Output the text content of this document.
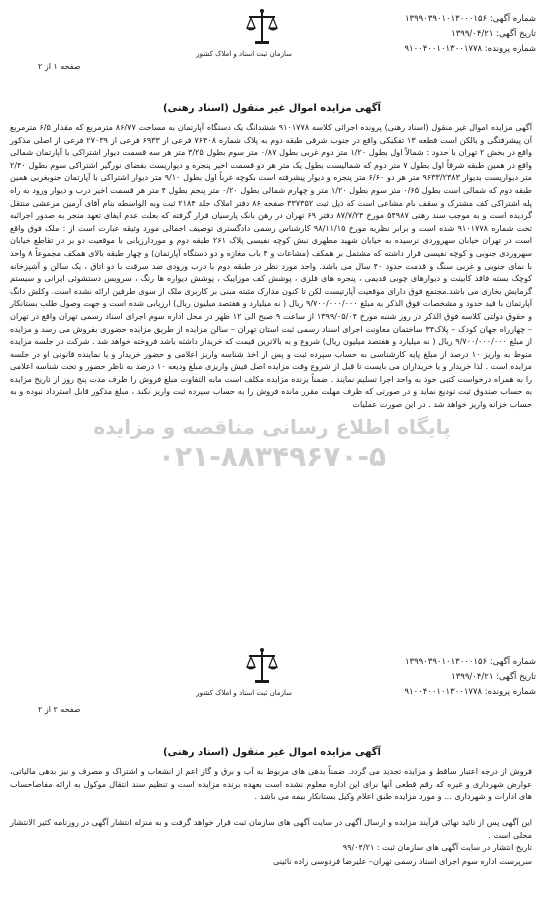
شماره آگهی: ۱۳۹۹۰۳۹۰۱۰۱۳۰۰۰۱۵۶
تاریخ آگهی: ۱۳۹۹/۰۴/۲۱
شماره پرونده: ۹۱۰۰۴۰۰۱۰۱۳۰۰۱۷۷۸
سازمان ثبت اسناد و املاک کشور
صفحه ۱ از ۲
آگهی مزایده اموال غیر منقول (اسناد رهنی)
آگهی مزایده اموال غیر منقول (اسناد رهنی) پرونده اجرائی کلاسه ۹۱۰۱۷۷۸ ششدانگ یک دستگاه آپارتمان به مساحت ۸۶/۷۷ مترمربع که مقدار ۶/۵ مترمربع آن پیشرفتگی و بالکن است قطعه ۱۳ تفکیکی واقع در جنوب شرقی طبقه دوم به پلاک شماره ۷۶۴۰۸ فرعی از ۶۹۳۳ فرعی از ۲۷۰۳۹ فرعی از اصلی مذکور واقع در بخش ۲ تهران با حدود : شمالاً اول بطول ۱/۲۰ متر دوم غربی بطول ۰/۸۷ متر سوم بطول ۳/۲۵ متر هر سه قسمت دیوار اشتراکی با آپارتمان شمالی واقع در همین طبقه شرقاً اول بطول ۷ متر دوم که شمالیست بطول یک متر هر دو قسمت اخیر پنجره و دیواریست بفضای نورگیر اشتراکی سوم بطول ۲/۴۰ متر دیواریست بدیوار ۹۶۳۳/۲۳۸۳ متر هر دو ۶/۶۰ متر پنجره و دیوار پیشرفته است بکوچه غرباً اول بطول ۹/۱۰ متر دیوار اشتراکی با آپارتمان جنوبغربی همین طبقه دوم که شمالی است بطول ۰/۶۵ متر سوم بطول ۱/۲۰ متر و چهارم شمالی بطول ۰/۲۰ متر پنجم بطول ۴ متر هر قسمت اخیر درب و دیوار ورود به راه پله اشتراکی کف مشترک و سقف بام مشاعی است که ذیل ثبت ۳۳۷۳۵۲ صفحه ۸۶ دفتر املاک جلد ۲۱۸۴ ثبت وبه الواسطه بنام آقای آرمین مرعشی منتقل گردیده است و به موجب سند رهنی ۵۴۹۸۷ مورخ ۸۷/۷/۲۴ دفتر ۶۹ تهران در رهن بانک پارسیان قرار گرفته که بعلت عدم ایفای تعهد منجر به صدور اجرائیه تحت شماره ۹۱۰۱۷۷۸ شده است و برابر نظریه مورخ ۹۸/۱۱/۱۵ کارشناس رسمی دادگستری توصیف اجمالی مورد وثیقه عبارت است از : ملک فوق واقع است در تهران خیابان سهروردی نرسیده به خیابان شهید مطهری نبش کوچه نفیسی پلاک ۲۶۱ طبقه دوم و موردارزیابی با موقعیت دو بر در تقاطع خیابان سهروردی جنوبی و کوچه نفیسی قرار داشته که مشتمل بر همکف (مشاعات و ۴ باب مغازه و دو دستگاه آپارتمان) و چهار طبقه بالای همکف مجموعاً ۸ واحد با نمای جنوبی و غربی سنگ و قدمت حدود ۴۰ سال می باشد. واحد مورد نظر در طبقه دوم با درب ورودی ضد سرقت با دو اتاق ، یک سالن و آشپزخانه کوچک بسته فاقد کابینت و دیوارهای چوبی قدیمی ، پنجره های فلزی ، پوشش کف موزاییک ، پوشش دیواره ها رنگ ، سرویس دستشوئی ایرانی و سیستم گرمایش بخاری می باشد.مجتمع فوق دارای موقعیت آپارتیست لکن تا کنون مدارک مثبته مبنی بر کاربری ملک از سوی طرفین ارائه نشده است. وکلش دانگ آپارتمان با قید حدود و مشخصات فوق الذکر به مبلغ ۹/۷۰۰/۰۰۰/۰۰۰ ریال ( نه میلیارد و هفتصد میلیون ریال) ارزیابی شده است و جهت وصول طلب بستانکار و حقوق دولتی کلاسه فوق الذکر در روز شنبه مورخ ۱۳۹۹/۰۵/۰۴ از ساعت ۹ صبح الی ۱۲ ظهر در محل اداره سوم اجرای اسناد رسمی تهران واقع در تهران – چهارراه جهان کودک – پلاک۳۴ ساختمان معاونت اجرای اسناد رسمی ثبت استان تهران – سالن مزایده از طریق مزایده حضوری بفروش می رسد و مزایده از مبلغ ۹/۷۰۰/۰۰۰/۰۰۰ ریال ( نه میلیارد و هفتصد میلیون ریال) شروع و به بالاترین قیمت که خریدار داشته باشد فروخته خواهد شد . شرکت در جلسه مزایده منوط به واریز ۱۰ درصد از مبلغ پایه کارشناسی به حساب سپرده ثبت و پس از اخذ شناسه واریز اعلامی و حضور خریدار و یا نماینده قانونی او در جلسه مزایده است . لذا خریدار و یا خریداران می بایست تا قبل از شروع وقت مزایده اصل فیش واریزی مبلغ ودیعه ۱۰ درصد به ناظر حضور و تحت شناسه اعلامی را به همراه درخواست کتبی خود به واحد اجرا تسلیم نمایند . ضمناً برنده مزایده مکلف است مابه التفاوت مبلغ فروش را ظرف مدت پنج روز از تاریخ مزایده به حساب صندوق ثبت تودیع نماید و در صورتی که ظرف مهلت مقرر مانده فروش را به حساب سپرده ثبت واریز نکند ، مبلغ مذکور قابل استرداد نبوده و به حساب خزانه واریز خواهد شد . در این صورت عملیات
پایگاه اطلاع رسانی مناقصه و مزایده
۰۲۱-۸۸۳۴۹۶۷۰-۵
شماره آگهی: ۱۳۹۹۰۳۹۰۱۰۱۳۰۰۰۱۵۶
تاریخ آگهی: ۱۳۹۹/۰۴/۲۱
شماره پرونده: ۹۱۰۰۴۰۰۱۰۱۳۰۰۱۷۷۸
سازمان ثبت اسناد و املاک کشور
صفحه ۲ از ۲
آگهی مزایده اموال غیر منقول (اسناد رهنی)
فروش از درجه اعتبار ساقط و مزایده تجدید می گردد. ضمناً بدهی های مربوط به آب و برق و گاز اعم از انشعاب و اشتراک و مصرف و نیز بدهی مالیاتی، عوارض شهرداری و غیره که رقم قطعی آنها برای این اداره معلوم نشده است بعهده برنده مزایده است و تنظیم سند انتقال موکول به ارائه مفاصاحساب های ادارات و شهرداری ... و مورد مزایده طبق اعلام وکیل بستانکار بیمه می باشد .
این آگهی پس از تائید نهائی فرآیند مزایده و ارسال آگهی در سایت آگهی های سازمان ثبت قرار خواهد گرفت و به منزله انتشار آگهی در روزنامه کثیر الانتشار محلی است .
تاریخ انتشار در سایت آگهی های سازمان ثبت : ۹۹/۰۴/۲۱
سرپرست اداره سوم اجرای اسناد رسمی تهران– علیرضا فردوسی زاده نائینی
